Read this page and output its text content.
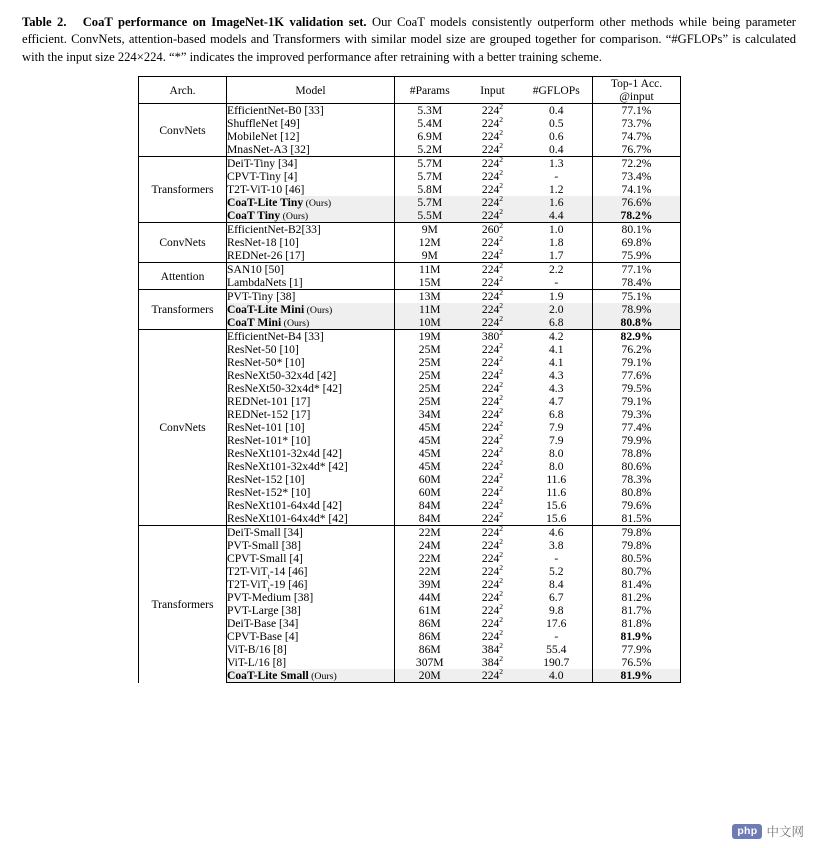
Table 2. CoaT performance on ImageNet-1K validation set. Our CoaT models consistently outperform other methods while being parameter efficient. ConvNets, attention-based models and Transformers with similar model size are grouped together for comparison. “#GFLOPs” is calculated with the input size 224×224. “*” indicates the improved performance after retraining with a better training scheme.
Arch.	Model	#Params	Input	#GFLOPs	Top-1 Acc. @input
ConvNets	EfficientNet-B0 [33]	5.3M	$224^2$	0.4	77.1%
	ShuffleNet [49]	5.4M	$224^2$	0.5	73.7%
	MobileNet [12]	6.9M	$224^2$	0.6	74.7%
	MnasNet-A3 [32]	5.2M	$224^2$	0.4	76.7%
Transformers	DeiT-Tiny [34]	5.7M	$224^2$	1.3	72.2%
	CPVT-Tiny [4]	5.7M	$224^2$	-	73.4%
	T2T-ViT-10 [46]	5.8M	$224^2$	1.2	74.1%
	CoaT-Lite Tiny (Ours)	5.7M	$224^2$	1.6	76.6%
	CoaT Tiny (Ours)	5.5M	$224^2$	4.4	78.2%
ConvNets	EfficientNet-B2[33]	9M	$260^2$	1.0	80.1%
	ResNet-18 [10]	12M	$224^2$	1.8	69.8%
	REDNet-26 [17]	9M	$224^2$	1.7	75.9%
Attention	SAN10 [50]	11M	$224^2$	2.2	77.1%
	LambdaNets [1]	15M	$224^2$	-	78.4%
Transformers	PVT-Tiny [38]	13M	$224^2$	1.9	75.1%
	CoaT-Lite Mini (Ours)	11M	$224^2$	2.0	78.9%
	CoaT Mini (Ours)	10M	$224^2$	6.8	80.8%
ConvNets	EfficientNet-B4 [33]	19M	$380^2$	4.2	82.9%
	ResNet-50 [10]	25M	$224^2$	4.1	76.2%
	ResNet-50* [10]	25M	$224^2$	4.1	79.1%
	ResNeXt50-32x4d [42]	25M	$224^2$	4.3	77.6%
	ResNeXt50-32x4d* [42]	25M	$224^2$	4.3	79.5%
	REDNet-101 [17]	25M	$224^2$	4.7	79.1%
	REDNet-152 [17]	34M	$224^2$	6.8	79.3%
	ResNet-101 [10]	45M	$224^2$	7.9	77.4%
	ResNet-101* [10]	45M	$224^2$	7.9	79.9%
	ResNeXt101-32x4d [42]	45M	$224^2$	8.0	78.8%
	ResNeXt101-32x4d* [42]	45M	$224^2$	8.0	80.6%
	ResNet-152 [10]	60M	$224^2$	11.6	78.3%
	ResNet-152* [10]	60M	$224^2$	11.6	80.8%
	ResNeXt101-64x4d [42]	84M	$224^2$	15.6	79.6%
	ResNeXt101-64x4d* [42]	84M	$224^2$	15.6	81.5%
Transformers	DeiT-Small [34]	22M	$224^2$	4.6	79.8%
	PVT-Small [38]	24M	$224^2$	3.8	79.8%
	CPVT-Small [4]	22M	$224^2$	-	80.5%
	T2T-ViT$_t$-14 [46]	22M	$224^2$	5.2	80.7%
	T2T-ViT$_t$-19 [46]	39M	$224^2$	8.4	81.4%
	PVT-Medium [38]	44M	$224^2$	6.7	81.2%
	PVT-Large [38]	61M	$224^2$	9.8	81.7%
	DeiT-Base [34]	86M	$224^2$	17.6	81.8%
	CPVT-Base [4]	86M	$224^2$	-	81.9%
	ViT-B/16 [8]	86M	$384^2$	55.4	77.9%
	ViT-L/16 [8]	307M	$384^2$	190.7	76.5%
	CoaT-Lite Small (Ours)	20M	$224^2$	4.0	81.9%
php 中文网
